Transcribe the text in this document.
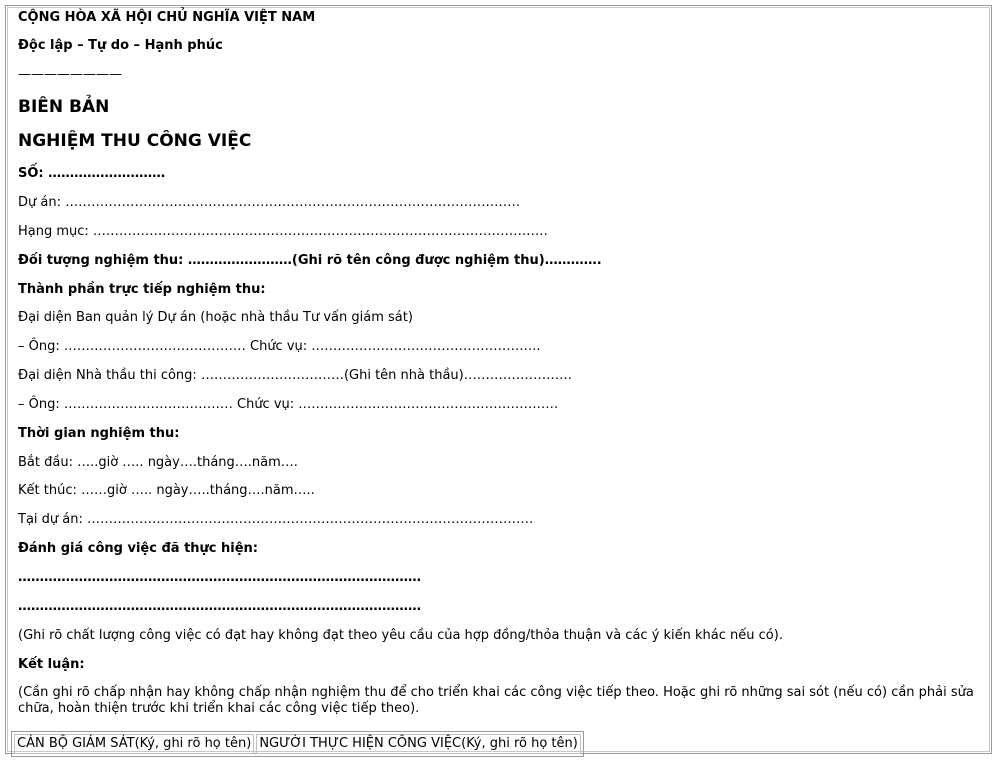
CỘNG HÒA XÃ HỘI CHỦ NGHĨA VIỆT NAM
Độc lập – Tự do – Hạnh phúc
————————
BIÊN BẢN
NGHIỆM THU CÔNG VIỆC
SỐ: ………………………
Dự án: ……………………………………………………………………………………………
Hạng mục: ……………………………………………………………………………………………
Đối tượng nghiệm thu: ……………………(Ghi rõ tên công được nghiệm thu)………….
Thành phần trực tiếp nghiệm thu:
Đại diện Ban quản lý Dự án (hoặc nhà thầu Tư vấn giám sát)
– Ông: …………………………………… Chức vụ: ……………………………………………..
Đại diện Nhà thầu thi công: ……………………………(Ghi tên nhà thầu)…………………….
– Ông: ………………………………… Chức vụ: ……………………………………………………
Thời gian nghiệm thu:
Bắt đầu: …..giờ ….. ngày….tháng….năm….
Kết thúc: ……giờ ….. ngày…..tháng….năm…..
Tại dự án: ………………………………………………………………………………………….
Đánh giá công việc đã thực hiện:
…………………………………………………………………………………
…………………………………………………………………………………
(Ghi rõ chất lượng công việc có đạt hay không đạt theo yêu cầu của hợp đồng/thỏa thuận và các ý kiến khác nếu có).
Kết luận:
(Cần ghi rõ chấp nhận hay không chấp nhận nghiệm thu để cho triển khai các công việc tiếp theo. Hoặc ghi rõ những sai sót (nếu có) cần phải sửa chữa, hoàn thiện trước khi triển khai các công việc tiếp theo).
CÁN BỘ GIÁM SÁT(Ký, ghi rõ họ tên)	NGƯỜI THỰC HIỆN CÔNG VIỆC(Ký, ghi rõ họ tên)
